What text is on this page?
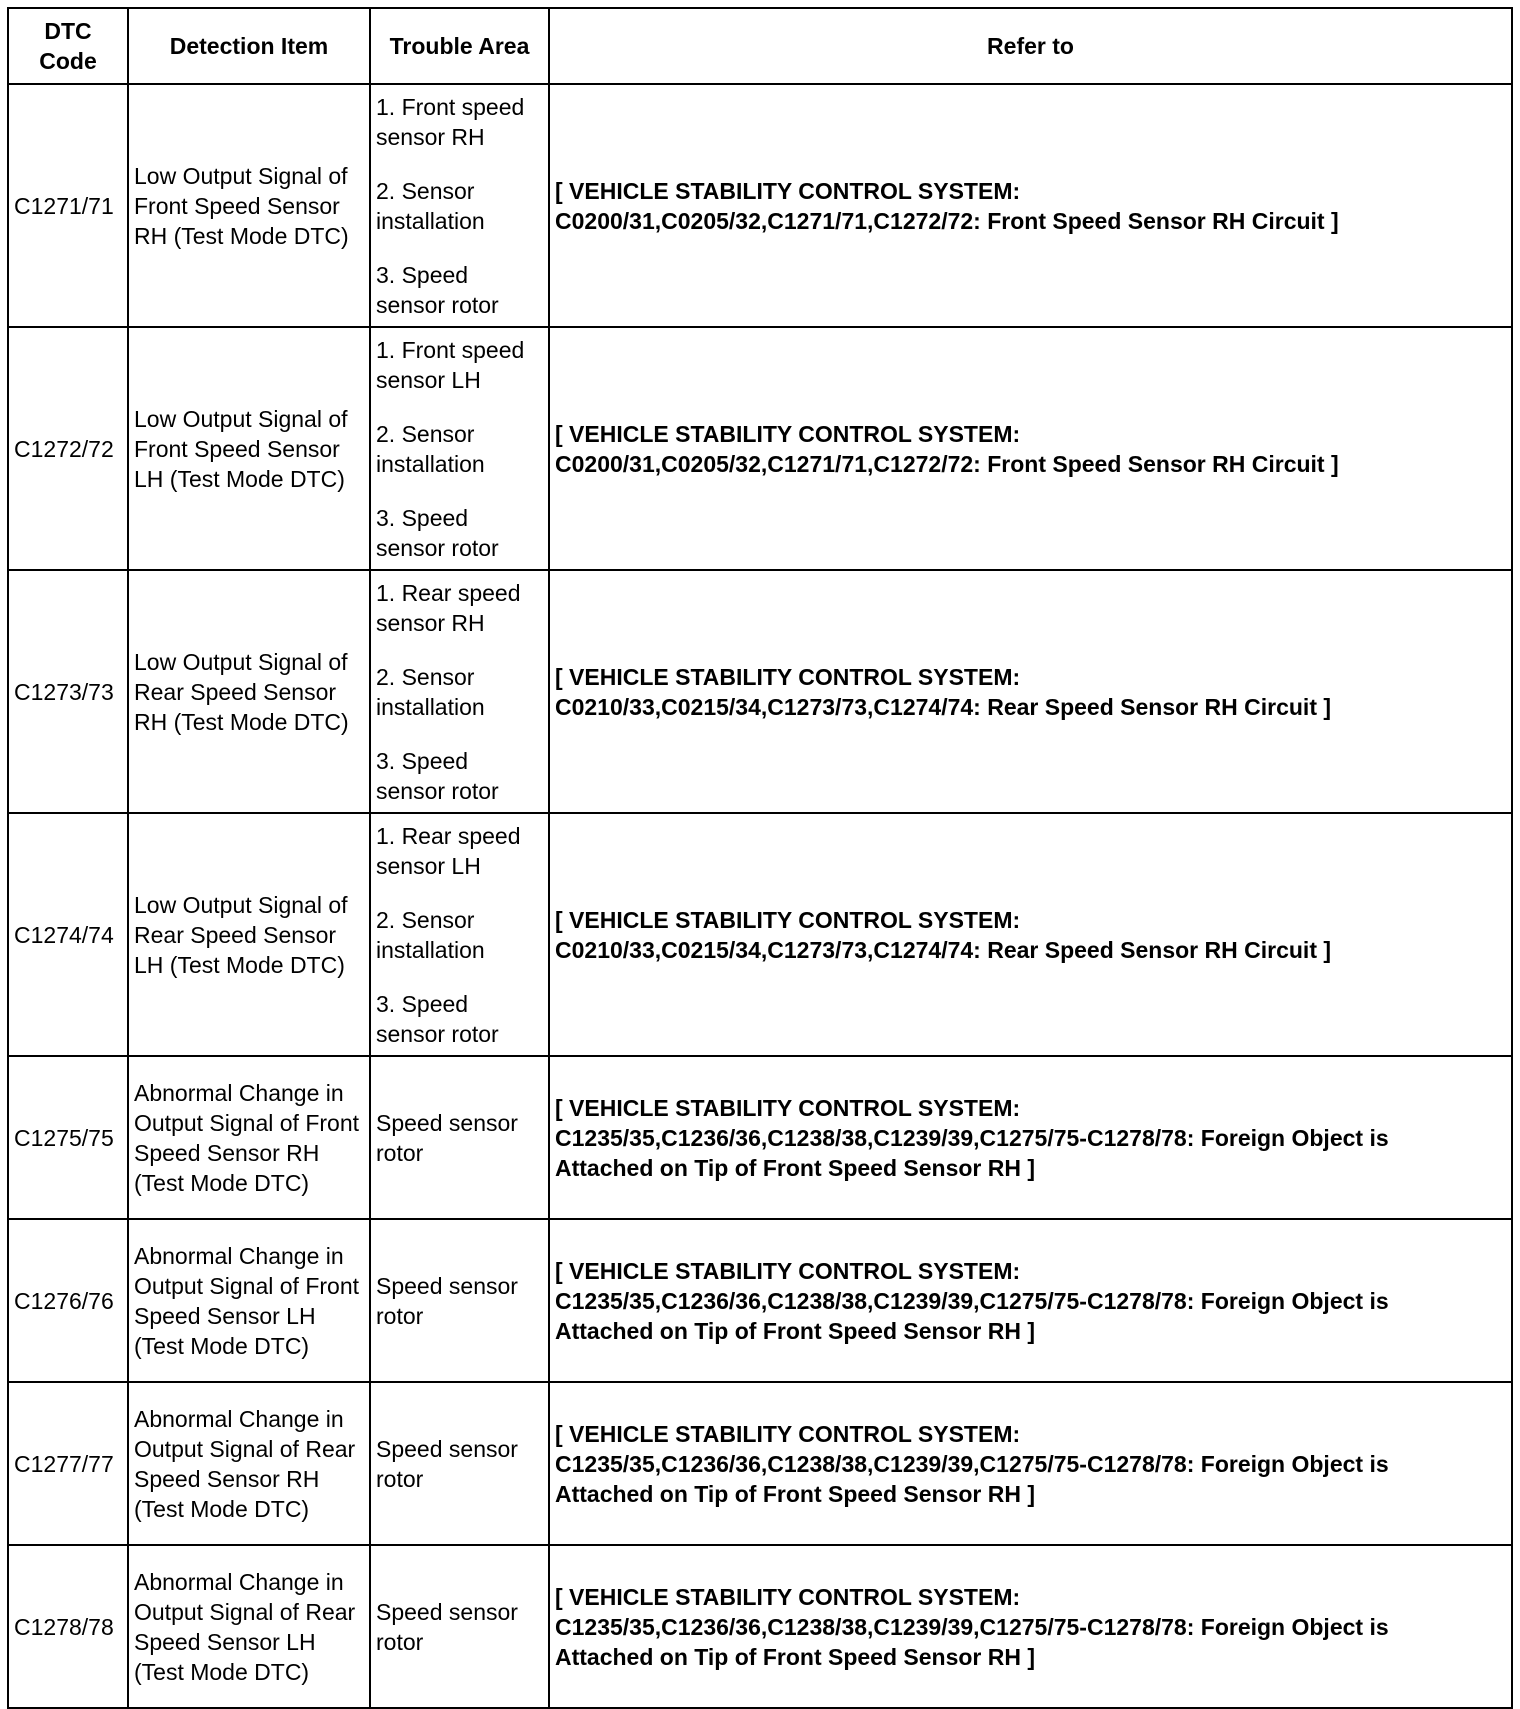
DTC Code	Detection Item	Trouble Area	Refer to
C1271/71	Low Output Signal of Front Speed Sensor RH (Test Mode DTC)	1. Front speed sensor RH
2. Sensor installation
3. Speed sensor rotor	[ VEHICLE STABILITY CONTROL SYSTEM:
C0200/31,C0205/32,C1271/71,C1272/72: Front Speed Sensor RH Circuit ]

C1272/72	Low Output Signal of Front Speed Sensor LH (Test Mode DTC)	1. Front speed sensor LH
2. Sensor installation
3. Speed sensor rotor	[ VEHICLE STABILITY CONTROL SYSTEM:
C0200/31,C0205/32,C1271/71,C1272/72: Front Speed Sensor RH Circuit ]

C1273/73	Low Output Signal of Rear Speed Sensor RH (Test Mode DTC)	1. Rear speed sensor RH
2. Sensor installation
3. Speed sensor rotor	[ VEHICLE STABILITY CONTROL SYSTEM:
C0210/33,C0215/34,C1273/73,C1274/74: Rear Speed Sensor RH Circuit ]

C1274/74	Low Output Signal of Rear Speed Sensor LH (Test Mode DTC)	1. Rear speed sensor LH
2. Sensor installation
3. Speed sensor rotor	[ VEHICLE STABILITY CONTROL SYSTEM:
C0210/33,C0215/34,C1273/73,C1274/74: Rear Speed Sensor RH Circuit ]

C1275/75	Abnormal Change in Output Signal of Front Speed Sensor RH (Test Mode DTC)	Speed sensor rotor	[ VEHICLE STABILITY CONTROL SYSTEM:
C1235/35,C1236/36,C1238/38,C1239/39,C1275/75-C1278/78: Foreign Object is
Attached on Tip of Front Speed Sensor RH ]

C1276/76	Abnormal Change in Output Signal of Front Speed Sensor LH (Test Mode DTC)	Speed sensor rotor	[ VEHICLE STABILITY CONTROL SYSTEM:
C1235/35,C1236/36,C1238/38,C1239/39,C1275/75-C1278/78: Foreign Object is
Attached on Tip of Front Speed Sensor RH ]

C1277/77	Abnormal Change in Output Signal of Rear Speed Sensor RH (Test Mode DTC)	Speed sensor rotor	[ VEHICLE STABILITY CONTROL SYSTEM:
C1235/35,C1236/36,C1238/38,C1239/39,C1275/75-C1278/78: Foreign Object is
Attached on Tip of Front Speed Sensor RH ]

C1278/78	Abnormal Change in Output Signal of Rear Speed Sensor LH (Test Mode DTC)	Speed sensor rotor	[ VEHICLE STABILITY CONTROL SYSTEM:
C1235/35,C1236/36,C1238/38,C1239/39,C1275/75-C1278/78: Foreign Object is
Attached on Tip of Front Speed Sensor RH ]
